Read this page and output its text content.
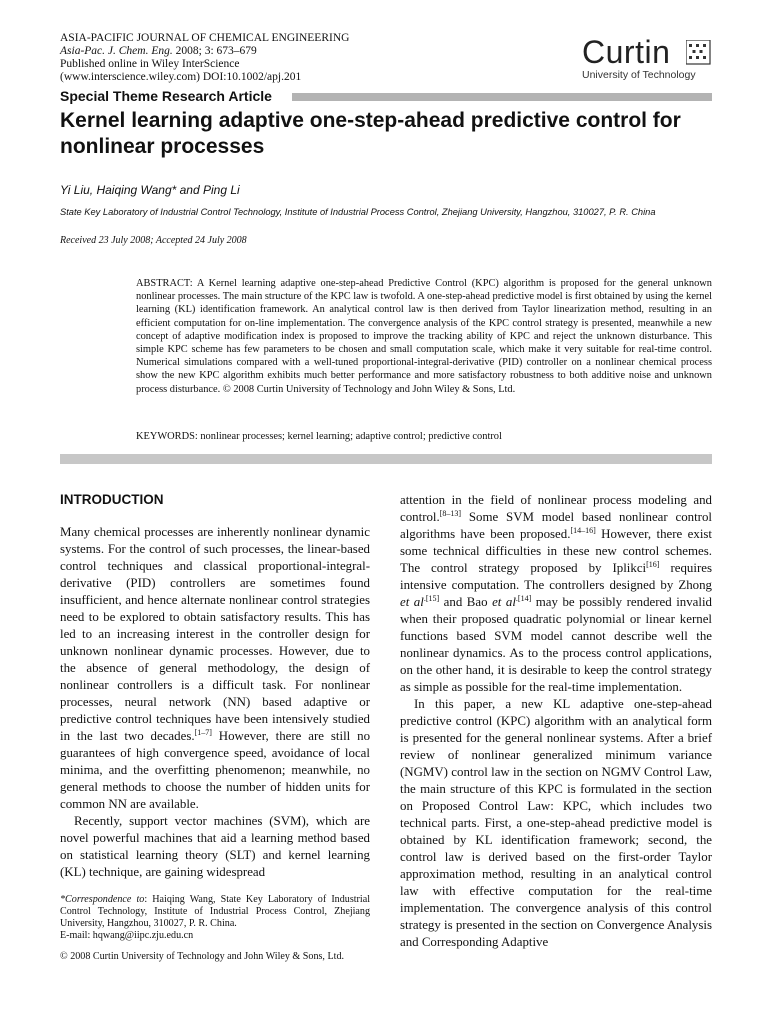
ASIA-PACIFIC JOURNAL OF CHEMICAL ENGINEERING
Asia-Pac. J. Chem. Eng. 2008; 3: 673–679
Published online in Wiley InterScience
(www.interscience.wiley.com) DOI:10.1002/apj.201
Curtin
University of Technology
Special Theme Research Article
Kernel learning adaptive one-step-ahead predictive control for nonlinear processes
Yi Liu, Haiqing Wang* and Ping Li
State Key Laboratory of Industrial Control Technology, Institute of Industrial Process Control, Zhejiang University, Hangzhou, 310027, P. R. China
Received 23 July 2008; Accepted 24 July 2008
ABSTRACT: A Kernel learning adaptive one-step-ahead Predictive Control (KPC) algorithm is proposed for the general unknown nonlinear processes. The main structure of the KPC law is twofold. A one-step-ahead predictive model is first obtained by using the kernel learning (KL) identification framework. An analytical control law is then derived from Taylor linearization method, resulting in an efficient computation for on-line implementation. The convergence analysis of the KPC control strategy is presented, meanwhile a new concept of adaptive modification index is proposed to improve the tracking ability of KPC and reject the unknown disturbance. This simple KPC scheme has few parameters to be chosen and small computation scale, which make it very suitable for real-time control. Numerical simulations compared with a well-tuned proportional-integral-derivative (PID) controller on a nonlinear chemical process show the new KPC algorithm exhibits much better performance and more satisfactory robustness to both additive noise and unknown process disturbance. © 2008 Curtin University of Technology and John Wiley & Sons, Ltd.
KEYWORDS: nonlinear processes; kernel learning; adaptive control; predictive control
INTRODUCTION

Many chemical processes are inherently nonlinear dynamic systems. For the control of such processes, the linear-based control techniques and classical proportional-integral-derivative (PID) controllers are sometimes found insufficient, and hence alternate nonlinear control strategies need to be explored to obtain satisfactory results. This has led to an increasing interest in the controller design for unknown nonlinear dynamic processes. However, due to the absence of general methodology, the design of nonlinear controllers is a difficult task. For nonlinear processes, neural network (NN) based adaptive or predictive control techniques have been intensively studied in the last two decades.[1–7] However, there are still no guarantees of high convergence speed, avoidance of local minima, and the overfitting phenomenon; meanwhile, no general methods to choose the number of hidden units for common NN are available.

Recently, support vector machines (SVM), which are novel powerful machines that aid a learning method based on statistical learning theory (SLT) and kernel learning (KL) technique, are gaining widespread

attention in the field of nonlinear process modeling and control.[8–13] Some SVM model based nonlinear control algorithms have been proposed.[14–16] However, there exist some technical difficulties in these new control schemes. The control strategy proposed by Iplikci[16] requires intensive computation. The controllers designed by Zhong et $al^{.[15]}$ and Bao et $al^{.[14]}$ may be possibly rendered invalid when their proposed quadratic polynomial or linear kernel functions based SVM model cannot describe well the nonlinear dynamics. As to the process control applications, on the other hand, it is desirable to keep the control strategy as simple as possible for the real-time implementation.

In this paper, a new KL adaptive one-step-ahead predictive control (KPC) algorithm with an analytical form is presented for the general nonlinear systems. After a brief review of nonlinear generalized minimum variance (NGMV) control law in the section on NGMV Control Law, the main structure of this KPC is formulated in the section on Proposed Control Law: KPC, which includes two technical parts. First, a one-step-ahead predictive model is obtained by KL identification framework; second, the control law is derived based on the first-order Taylor approximation method, resulting in an analytical control law with effective computation for the real-time implementation. The convergence analysis of this control strategy is presented in the section on Convergence Analysis and Corresponding Adaptive

*Correspondence to: Haiqing Wang, State Key Laboratory of Industrial Control Technology, Institute of Industrial Process Control, Zhejiang University, Hangzhou, 310027, P. R. China.
E-mail: hqwang@iipc.zju.edu.cn
© 2008 Curtin University of Technology and John Wiley & Sons, Ltd.
